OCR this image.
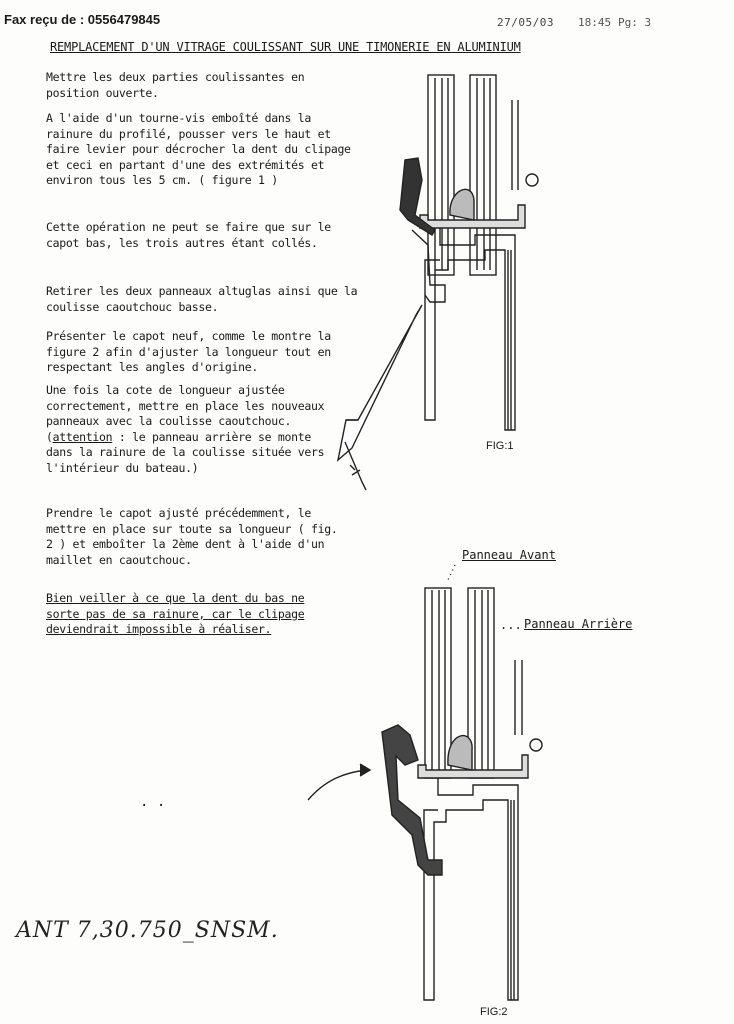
Fax reçu de : 0556479845	27/05/03 18:45 Pg: 3
REMPLACEMENT D'UN VITRAGE COULISSANT SUR UNE TIMONERIE EN ALUMINIUM
Mettre les deux parties coulissantes en position ouverte.
A l'aide d'un tourne-vis emboîté dans la rainure du profilé, pousser vers le haut et faire levier pour décrocher la dent du clipage et ceci en partant d'une des extrémités et environ tous les 5 cm. ( figure 1 )
Cette opération ne peut se faire que sur le capot bas, les trois autres étant collés.
Retirer les deux panneaux altuglas ainsi que la coulisse caoutchouc basse.
Présenter le capot neuf, comme le montre la figure 2 afin d'ajuster la longueur tout en respectant les angles d'origine.
Une fois la cote de longueur ajustée correctement, mettre en place les nouveaux panneaux avec la coulisse caoutchouc. (attention : le panneau arrière se monte dans la rainure de la coulisse située vers l'intérieur du bateau.)
Prendre le capot ajusté précédemment, le mettre en place sur toute sa longueur ( fig. 2 ) et emboîter la 2ème dent à l'aide d'un maillet en caoutchouc.
Bien veiller à ce que la dent du bas ne sorte pas de sa rainure, car le clipage deviendrait impossible à réaliser.
FIG:1
Panneau Avant
... Panneau Arrière
. .
FIG:2
ANT 7,30.750_SNSM.
